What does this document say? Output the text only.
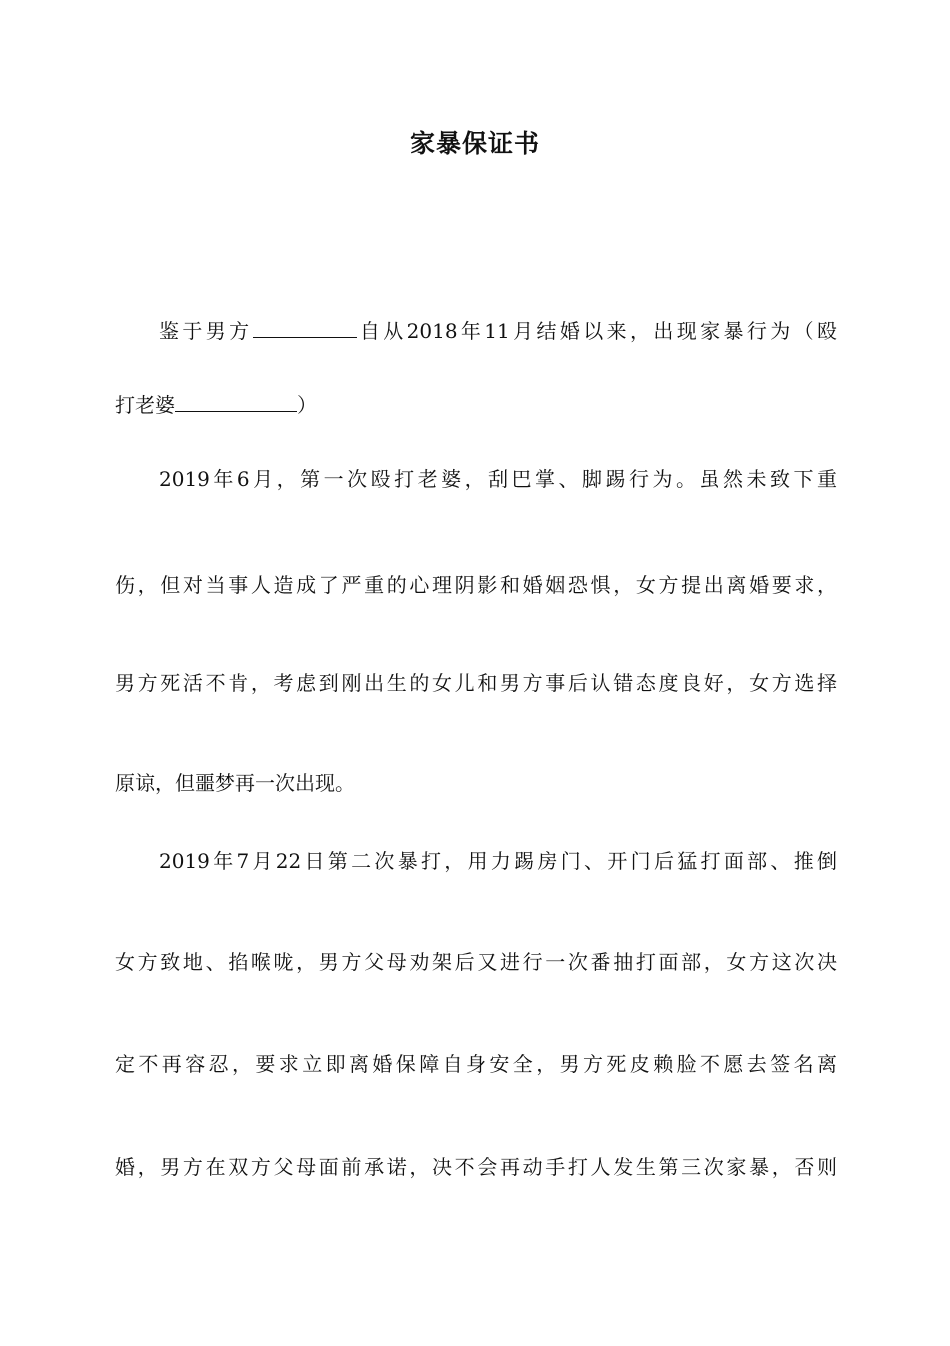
家暴保证书
鉴于男方	自从2018年11月结婚以来，出现家暴行为（殴
打老婆	）
2019年6月，第一次殴打老婆，刮巴掌、脚踢行为。虽然未致下重
伤，但对当事人造成了严重的心理阴影和婚姻恐惧，女方提出离婚要求，
男方死活不肯，考虑到刚出生的女儿和男方事后认错态度良好，女方选择
原谅，但噩梦再一次出现。
2019年7月22日第二次暴打，用力踢房门、开门后猛打面部、推倒
女方致地、掐喉咙，男方父母劝架后又进行一次番抽打面部，女方这次决
定不再容忍，要求立即离婚保障自身安全，男方死皮赖脸不愿去签名离
婚，男方在双方父母面前承诺，决不会再动手打人发生第三次家暴，否则
